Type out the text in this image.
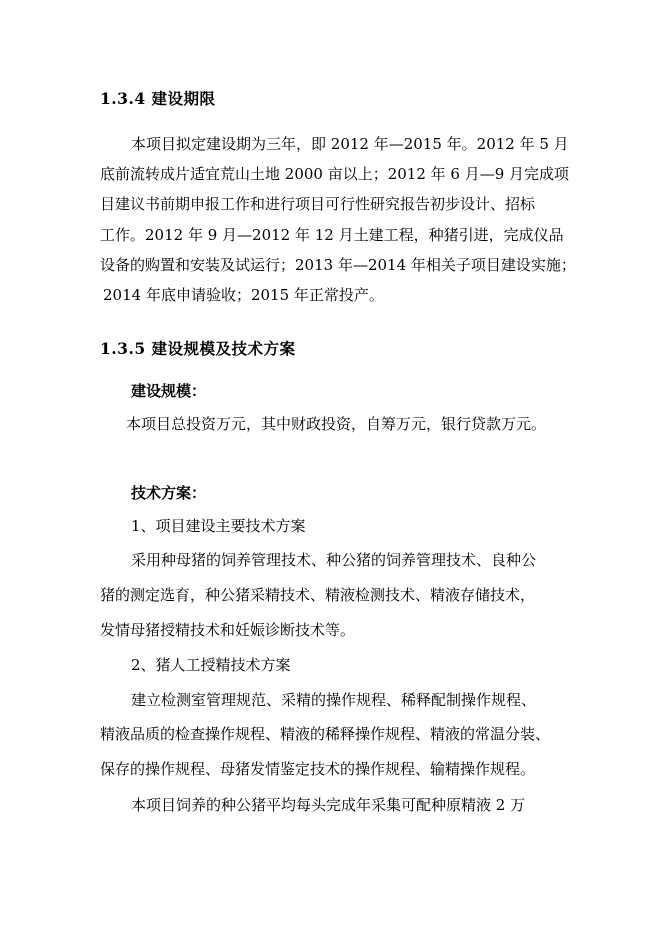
1.3.4 建设期限
本项目拟定建设期为三年，即 2012 年—2015 年。2012 年 5 月
底前流转成片适宜荒山土地 2000 亩以上；2012 年 6 月—9 月完成项
目建议书前期申报工作和进行项目可行性研究报告初步设计、招标
工作。2012 年 9 月—2012 年 12 月土建工程，种猪引进，完成仪品
设备的购置和安装及试运行；2013 年—2014 年相关子项目建设实施；
2014 年底申请验收；2015 年正常投产。
1.3.5 建设规模及技术方案
建设规模：
本项目总投资万元，其中财政投资，自筹万元，银行贷款万元。
技术方案：
1、项目建设主要技术方案
采用种母猪的饲养管理技术、种公猪的饲养管理技术、良种公
猪的测定选育，种公猪采精技术、精液检测技术、精液存储技术，
发情母猪授精技术和妊娠诊断技术等。
2、猪人工授精技术方案
建立检测室管理规范、采精的操作规程、稀释配制操作规程、
精液品质的检查操作规程、精液的稀释操作规程、精液的常温分装、
保存的操作规程、母猪发情鉴定技术的操作规程、输精操作规程。
本项目饲养的种公猪平均每头完成年采集可配种原精液 2 万
